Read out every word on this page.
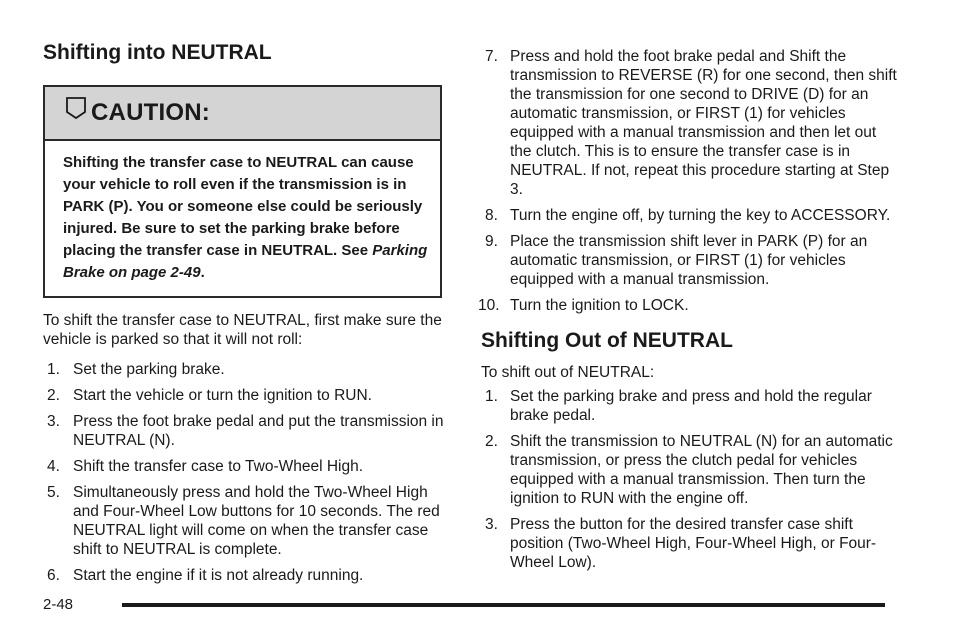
Shifting into NEUTRAL
CAUTION:
Shifting the transfer case to NEUTRAL can cause your vehicle to roll even if the transmission is in PARK (P). You or someone else could be seriously injured. Be sure to set the parking brake before placing the transfer case in NEUTRAL. See Parking Brake on page 2-49.

To shift the transfer case to NEUTRAL, first make sure the vehicle is parked so that it will not roll:

1. Set the parking brake.
2. Start the vehicle or turn the ignition to RUN.
3. Press the foot brake pedal and put the transmission in NEUTRAL (N).
4. Shift the transfer case to Two-Wheel High.
5. Simultaneously press and hold the Two-Wheel High and Four-Wheel Low buttons for 10 seconds. The red NEUTRAL light will come on when the transfer case shift to NEUTRAL is complete.
6. Start the engine if it is not already running.
7. Press and hold the foot brake pedal and Shift the transmission to REVERSE (R) for one second, then shift the transmission for one second to DRIVE (D) for an automatic transmission, or FIRST (1) for vehicles equipped with a manual transmission and then let out the clutch. This is to ensure the transfer case is in NEUTRAL. If not, repeat this procedure starting at Step 3.
8. Turn the engine off, by turning the key to ACCESSORY.
9. Place the transmission shift lever in PARK (P) for an automatic transmission, or FIRST (1) for vehicles equipped with a manual transmission.
10. Turn the ignition to LOCK.
Shifting Out of NEUTRAL

To shift out of NEUTRAL:

1. Set the parking brake and press and hold the regular brake pedal.
2. Shift the transmission to NEUTRAL (N) for an automatic transmission, or press the clutch pedal for vehicles equipped with a manual transmission. Then turn the ignition to RUN with the engine off.
3. Press the button for the desired transfer case shift position (Two-Wheel High, Four-Wheel High, or Four-Wheel Low).
2-48
